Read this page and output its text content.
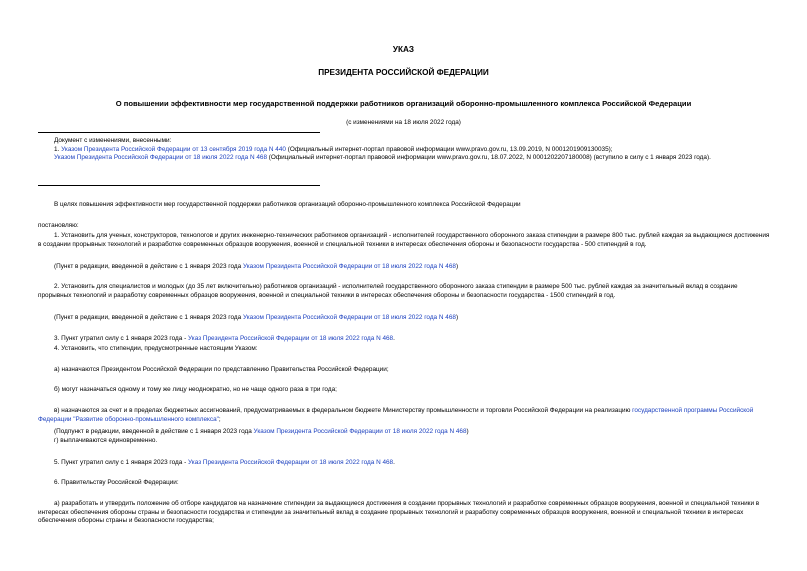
УКАЗ
ПРЕЗИДЕНТА РОССИЙСКОЙ ФЕДЕРАЦИИ
О повышении эффективности мер государственной поддержки работников организаций оборонно-промышленного комплекса Российской Федерации
(с изменениями на 18 июля 2022 года)
Документ с изменениями, внесенными:
1. Указом Президента Российской Федерации от 13 сентября 2019 года N 440 (Официальный интернет-портал правовой информации www.pravo.gov.ru, 13.09.2019, N 0001201909130035);
Указом Президента Российской Федерации от 18 июля 2022 года N 468 (Официальный интернет-портал правовой информации www.pravo.gov.ru, 18.07.2022, N 0001202207180008) (вступило в силу с 1 января 2023 года).
В целях повышения эффективности мер государственной поддержки работников организаций оборонно-промышленного комплекса Российской Федерации
постановляю:
1. Установить для ученых, конструкторов, технологов и других инженерно-технических работников организаций - исполнителей государственного оборонного заказа стипендии в размере 800 тыс. рублей каждая за выдающиеся достижения в создании прорывных технологий и разработке современных образцов вооружения, военной и специальной техники в интересах обеспечения обороны и безопасности государства - 500 стипендий в год.
(Пункт в редакции, введенной в действие с 1 января 2023 года Указом Президента Российской Федерации от 18 июля 2022 года N 468)
2. Установить для специалистов и молодых (до 35 лет включительно) работников организаций - исполнителей государственного оборонного заказа стипендии в размере 500 тыс. рублей каждая за значительный вклад в создание прорывных технологий и разработку современных образцов вооружения, военной и специальной техники в интересах обеспечения обороны и безопасности государства - 1500 стипендий в год.
(Пункт в редакции, введенной в действие с 1 января 2023 года Указом Президента Российской Федерации от 18 июля 2022 года N 468)
3. Пункт утратил силу с 1 января 2023 года - Указ Президента Российской Федерации от 18 июля 2022 года N 468.
4. Установить, что стипендии, предусмотренные настоящим Указом:
а) назначаются Президентом Российской Федерации по представлению Правительства Российской Федерации;
б) могут назначаться одному и тому же лицу неоднократно, но не чаще одного раза в три года;
в) назначаются за счет и в пределах бюджетных ассигнований, предусматриваемых в федеральном бюджете Министерству промышленности и торговли Российской Федерации на реализацию государственной программы Российской Федерации "Развитие оборонно-промышленного комплекса";
(Подпункт в редакции, введенной в действие с 1 января 2023 года Указом Президента Российской Федерации от 18 июля 2022 года N 468)
г) выплачиваются единовременно.
5. Пункт утратил силу с 1 января 2023 года - Указ Президента Российской Федерации от 18 июля 2022 года N 468.
6. Правительству Российской Федерации:
а) разработать и утвердить положение об отборе кандидатов на назначение стипендии за выдающиеся достижения в создании прорывных технологий и разработке современных образцов вооружения, военной и специальной техники в интересах обеспечения обороны страны и безопасности государства и стипендии за значительный вклад в создание прорывных технологий и разработку современных образцов вооружения, военной и специальной техники в интересах обеспечения обороны страны и безопасности государства;
